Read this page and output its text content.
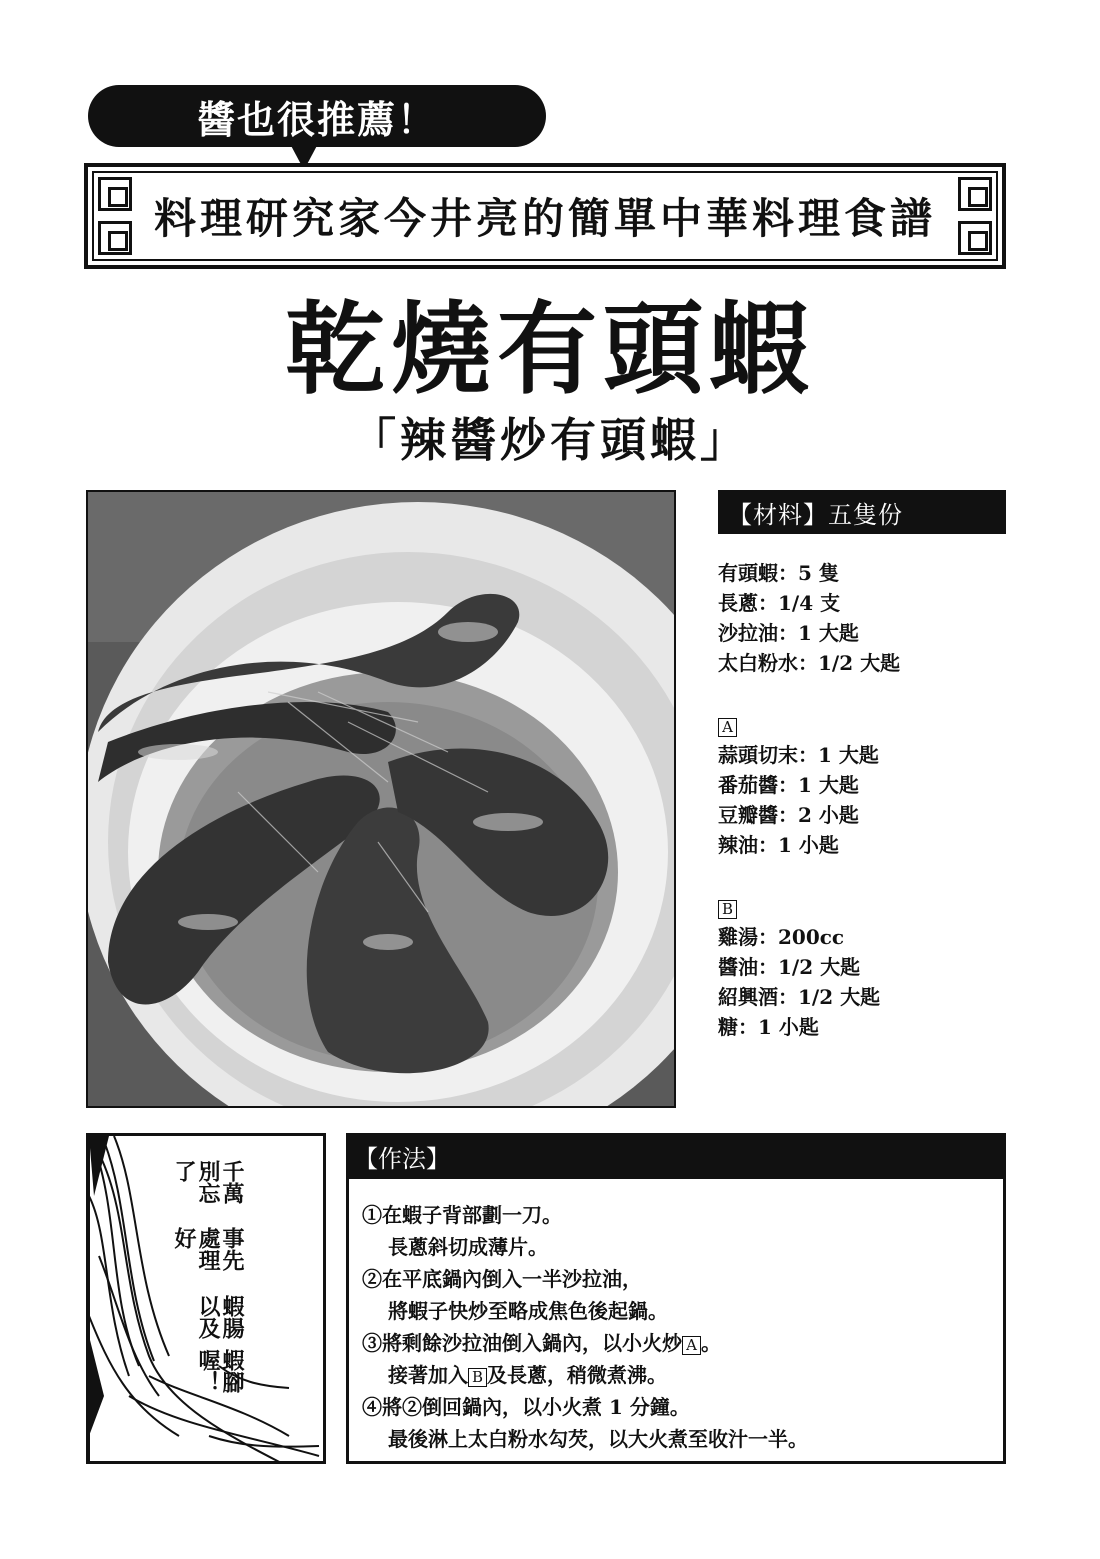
醬也很推薦！
料理研究家今井亮的簡單中華料理食譜
乾燒有頭蝦
「辣醬炒有頭蝦」
【材料】五隻份
有頭蝦：5 隻
長蔥：1/4 支
沙拉油：1 大匙
太白粉水：1/2 大匙
A
蒜頭切末：1 大匙
番茄醬：1 大匙
豆瓣醬：2 小匙
辣油：1 小匙
B
雞湯：200cc
醬油：1/2 大匙
紹興酒：1/2 大匙
糖：1 小匙
千萬別忘了
事先處理好
蝦腸以及
蝦腳喔！
【作法】
①在蝦子背部劃一刀。
長蔥斜切成薄片。
②在平底鍋內倒入一半沙拉油，
將蝦子快炒至略成焦色後起鍋。
③將剩餘沙拉油倒入鍋內，以小火炒 A 。
接著加入 B 及長蔥，稍微煮沸。
④將②倒回鍋內，以小火煮 1 分鐘。
最後淋上太白粉水勾芡，以大火煮至收汁一半。
